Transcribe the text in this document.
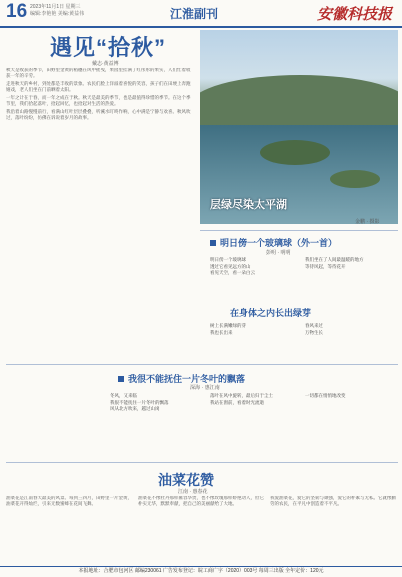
16 2023年11月1日 星期三
编辑:李艳艳 美编:黄益伟	江淮副刊	安徽科技报
遇见“拾秋”
戴志·黄益博

秋天是收获的季节，田野里金黄的稻穗在风中摇曳，果园里挂满了红彤彤的果实，人们忙着收获一年的辛劳。

走进秋天的乡村，到处都是丰收的景象。农民们脸上洋溢着喜悦的笑容，孩子们在田埂上奔跑嬉戏，老人们坐在门前晒着太阳。

一年之计在于春，而一年之成在于秋。秋天是最美的季节，也是最值得珍惜的季节。在这个季节里，我们拾起落叶，拾起回忆，也拾起对生活的热爱。

我沿着山路慢慢前行，看满山红叶层层叠叠，听溪水叮咚作响，心中满是宁静与欢喜。秋风吹过，落叶纷纷，仿佛在诉说着岁月的故事。

层绿尽染太平湖
金鹏 · 摄影
明日傍一个玻璃球（外一首）
彭明 · 明明
明日傍一个玻璃球
透过它看见远方的山
看见天空，看一朵白云
我们坐在了人间最温暖的地方
等待风起，等待花开
在身体之内长出绿芽
树上长满嫩绿的芽
我也长出来
春风来过
万物生长
我很不能抚住一片冬叶的飘落
深海 · 惠江南
冬风，又来临
我很不能抚住一片冬叶的飘落
风从北方吹来，越过山岗
落叶在风中旋转，最后归于尘土
我站在窗前，看着时光流逝
一切都在悄悄地改变
油菜花赞
江南 · 惠春花

油菜花是江南春天最美的风景。每到三四月，田野里一片金黄，油菜花开得灿烂，引来无数蜜蜂在花间飞舞。

油菜花不像牡丹那样雍容华贵，也不像玫瑰那样娇艳动人，但它朴实无华，默默奉献，把自己的美丽献给了大地。

我爱油菜花，爱它的坚韧与顽强，爱它的朴素与无私。它就像勤劳的农民，在平凡中创造着不平凡。

本报地址：合肥市包河区 邮编230061 广告发布登记：皖工商广字（2020）003号 每周三出版 全年定价：120元
